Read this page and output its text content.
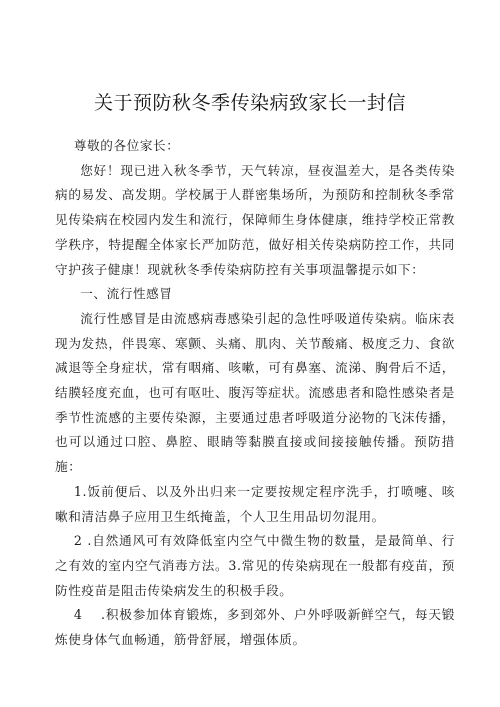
关于预防秋冬季传染病致家长一封信

尊敬的各位家长：

您好！现已进入秋冬季节，天气转凉，昼夜温差大，是各类传染病的易发、高发期。学校属于人群密集场所，为预防和控制秋冬季常见传染病在校园内发生和流行，保障师生身体健康，维持学校正常教学秩序，特提醒全体家长严加防范，做好相关传染病防控工作，共同守护孩子健康！现就秋冬季传染病防控有关事项温馨提示如下：

一、流行性感冒

流行性感冒是由流感病毒感染引起的急性呼吸道传染病。临床表现为发热，伴畏寒、寒颤、头痛、肌肉、关节酸痛、极度乏力、食欲减退等全身症状，常有咽痛、咳嗽，可有鼻塞、流涕、胸骨后不适，结膜轻度充血，也可有呕吐、腹泻等症状。流感患者和隐性感染者是季节性流感的主要传染源，主要通过患者呼吸道分泌物的飞沫传播，也可以通过口腔、鼻腔、眼睛等黏膜直接或间接接触传播。预防措施：

1.饭前便后、以及外出归来一定要按规定程序洗手，打喷嚏、咳嗽和清洁鼻子应用卫生纸掩盖，个人卫生用品切勿混用。

2 .自然通风可有效降低室内空气中微生物的数量，是最简单、行之有效的室内空气消毒方法。3.常见的传染病现在一般都有疫苗，预防性疫苗是阻击传染病发生的积极手段。

4　 .积极参加体育锻炼，多到郊外、户外呼吸新鲜空气，每天锻炼使身体气血畅通，筋骨舒展，增强体质。
